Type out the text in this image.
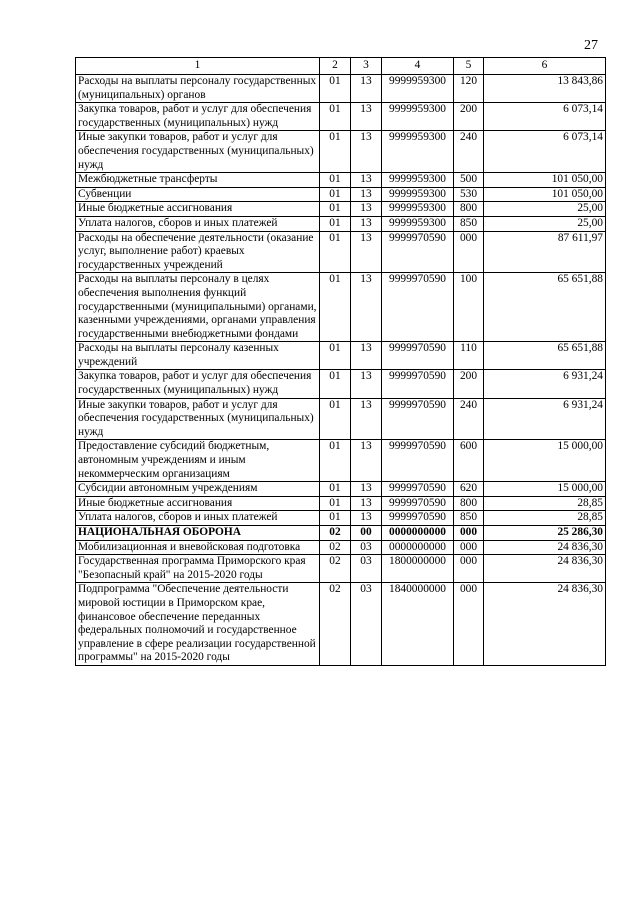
27
1	2	3	4	5	6
Расходы на выплаты персоналу государственных (муниципальных) органов	01	13	9999959300	120	13 843,86
Закупка товаров, работ и услуг для обеспечения государственных (муниципальных) нужд	01	13	9999959300	200	6 073,14
Иные закупки товаров, работ и услуг для обеспечения государственных (муниципальных) нужд	01	13	9999959300	240	6 073,14
Межбюджетные трансферты	01	13	9999959300	500	101 050,00
Субвенции	01	13	9999959300	530	101 050,00
Иные бюджетные ассигнования	01	13	9999959300	800	25,00
Уплата налогов, сборов и иных платежей	01	13	9999959300	850	25,00
Расходы на обеспечение деятельности (оказание услуг, выполнение работ) краевых государственных учреждений	01	13	9999970590	000	87 611,97
Расходы на выплаты персоналу в целях обеспечения выполнения функций государственными (муниципальными) органами, казенными учреждениями, органами управления государственными внебюджетными фондами	01	13	9999970590	100	65 651,88
Расходы на выплаты персоналу казенных учреждений	01	13	9999970590	110	65 651,88
Закупка товаров, работ и услуг для обеспечения государственных (муниципальных) нужд	01	13	9999970590	200	6 931,24
Иные закупки товаров, работ и услуг для обеспечения государственных (муниципальных) нужд	01	13	9999970590	240	6 931,24
Предоставление субсидий бюджетным, автономным учреждениям и иным некоммерческим организациям	01	13	9999970590	600	15 000,00
Субсидии автономным учреждениям	01	13	9999970590	620	15 000,00
Иные бюджетные ассигнования	01	13	9999970590	800	28,85
Уплата налогов, сборов и иных платежей	01	13	9999970590	850	28,85
НАЦИОНАЛЬНАЯ ОБОРОНА	02	00	0000000000	000	25 286,30
Мобилизационная и вневойсковая подготовка	02	03	0000000000	000	24 836,30
Государственная программа Приморского края "Безопасный край" на 2015-2020 годы	02	03	1800000000	000	24 836,30
Подпрограмма "Обеспечение деятельности мировой юстиции в Приморском крае, финансовое обеспечение переданных федеральных полномочий и государственное управление в сфере реализации государственной программы" на 2015-2020 годы	02	03	1840000000	000	24 836,30
